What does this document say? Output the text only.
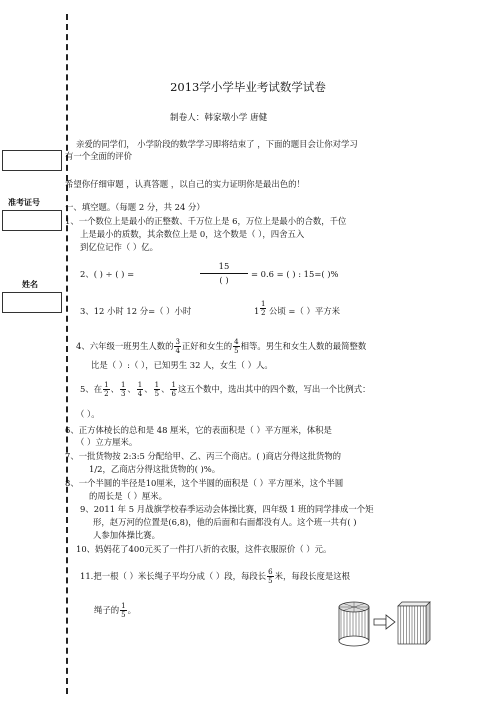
准考证号
姓名
2013学小学毕业考试数学试卷
制卷人：韩家墩小学 唐健
亲爱的同学们， 小学阶段的数学学习即将结束了 ，下面的题目会让你对学习
有一个全面的评价
希望你仔细审题 ，认真答题 ，以自己的实力证明你是最出色的！
一、填空题。（每题 2 分，共 24 分）
1、一个数位上是最小的正整数、千万位上是 6，万位上是最小的合数，千位
上是最小的质数，其余数位上是 0，这个数是（ ），四舍五入
到亿位记作（ ）亿。
2、( ) ÷ ( ) =
15
( )
= 0.6 = ( ) : 15=( )%
3、12 小时 12 分=（ ）小时	$1 \frac{1}{2}$ 公顷 =（ ）平方米
4、六年级一班男生人数的 $\frac{3}{4}$ 正好和女生的 $\frac{4}{5}$ 相等。男生和女生人数的最简整数
比是（ ）:（ ），已知男生 32 人，女生（ ）人。
5、在 $\frac{1}{2}$ 、 $\frac{1}{3}$ 、 $\frac{1}{4}$ 、 $\frac{1}{5}$ 、 $\frac{1}{6}$ 这五个数中，选出其中的四个数，写出一个比例式：
（ ）。
6、正方体棱长的总和是 48 厘米，它的表面积是（ ）平方厘米，体积是
（ ）立方厘米。
7、一批货物按 2:3:5 分配给甲、乙、丙三个商店。( )商店分得这批货物的
1/2，乙商店分得这批货物的( )%。
8、一个半圆的半径是10厘米，这个半圆的面积是（ ）平方厘米，这个半圆
的周长是（ ）厘米。
9、2011 年 5 月战旗学校春季运动会体操比赛，四年级 1 班的同学排成一个矩
形，赵万河的位置是(6,8)，他的后面和右面都没有人。这个班一共有( )
人参加体操比赛。
10、妈妈花了400元买了一件打八折的衣服，这件衣服原价（ ）元。
11.把一根（ ）米长绳子平均分成（ ）段，每段长 $\frac{6}{5}$ 米，每段长度是这根
绳子的 $\frac{1}{5}$ 。
